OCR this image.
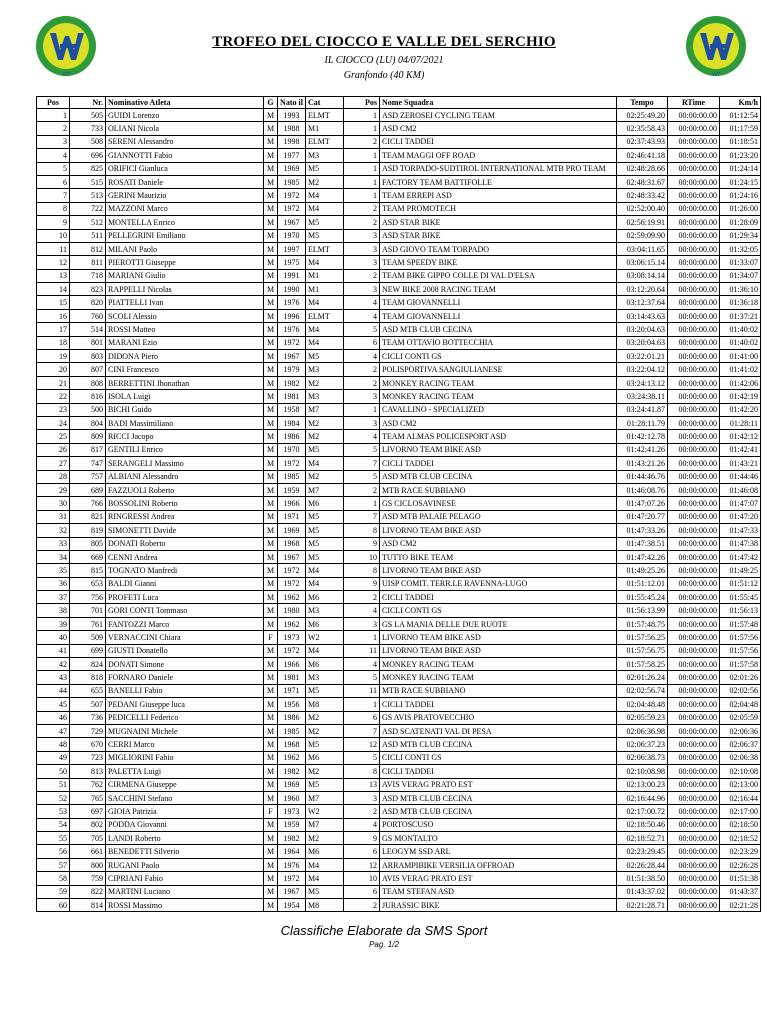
WT	WT
TROFEO DEL CIOCCO E VALLE DEL SERCHIO
IL CIOCCO (LU) 04/07/2021
Granfondo (40 KM)
Pos	Nr.	Nominativo Atleta	G	Nato il	Cat	Pos	Nome Squadra	Tempo	RTime	Km/h
1	505	GUIDI Lorenzo	M	1993	ELMT	1	ASD ZEROSEI CYCLING TEAM	02:25:49.20	00:00:00.00	01:12:54
2	733	OLIANI Nicola	M	1988	M1	1	ASD CM2	02:35:58.43	00:00:00.00	01:17:59
3	508	SERENI Alessandro	M	1998	ELMT	2	CICLI TADDEI	02:37:43.93	00:00:00.00	01:18:51
4	696	GIANNOTTI Fabio	M	1977	M3	1	TEAM MAGGI OFF ROAD	02:46:41.18	00:00:00.00	01:23:20
5	825	ORIFICI Gianluca	M	1969	M5	1	ASD TORPADO-SUDTIROL INTERNATIONAL MTB PRO TEAM	02:48:28.66	00:00:00.00	01:24:14
6	515	ROSATI Daniele	M	1985	M2	1	FACTORY TEAM BATTIFOLLE	02:48:31.67	00:00:00.00	01:24:15
7	513	GERINI Maurizio	M	1972	M4	1	TEAM ERREPI ASD	02:48:33.42	00:00:00.00	01:24:16
8	722	MAZZONI Marco	M	1972	M4	2	TEAM PROMOTECH	02:52:00.40	00:00:00.00	01:26:00
9	512	MONTELLA Enrico	M	1967	M5	2	ASD STAR BIKE	02:56:19.91	00:00:00.00	01:28:09
10	511	PELLEGRINI Emiliano	M	1970	M5	3	ASD STAR BIKE	02:59:09.90	00:00:00.00	01:29:34
11	812	MILANI Paolo	M	1997	ELMT	3	ASD GIOVO TEAM TORPADO	03:04:11.65	00:00:00.00	01:32:05
12	811	PIEROTTI Giuseppe	M	1975	M4	3	TEAM SPEEDY BIKE	03:06:15.14	00:00:00.00	01:33:07
13	718	MARIANI Giulio	M	1991	M1	2	TEAM BIKE GIPPO COLLE DI VAL D'ELSA	03:08:14.14	00:00:00.00	01:34:07
14	823	RAPPELLI Nicolas	M	1990	M1	3	NEW BIKE 2008 RACING TEAM	03:12:20.64	00:00:00.00	01:36:10
15	820	PIATTELLI Ivan	M	1976	M4	4	TEAM GIOVANNELLI	03:12:37.64	00:00:00.00	01:36:18
16	760	SCOLI Alessio	M	1996	ELMT	4	TEAM GIOVANNELLI	03:14:43.63	00:00:00.00	01:37:21
17	514	ROSSI Matteo	M	1976	M4	5	ASD MTB CLUB CECINA	03:20:04.63	00:00:00.00	01:40:02
18	801	MARANI Ezio	M	1972	M4	6	TEAM OTTAVIO BOTTECCHIA	03:20:04.63	00:00:00.00	01:40:02
19	803	DIDONA Piero	M	1967	M5	4	CICLI CONTI GS	03:22:01.21	00:00:00.00	01:41:00
20	807	CINI Francesco	M	1979	M3	2	POLISPORTIVA SANGIULIANESE	03:22:04.12	00:00:00.00	01:41:02
21	808	BERRETTINI Jhonathan	M	1982	M2	2	MONKEY RACING TEAM	03:24:13.12	00:00:00.00	01:42:06
22	816	ISOLA Luigi	M	1981	M3	3	MONKEY RACING TEAM	03:24:38.11	00:00:00.00	01:42:19
23	500	BICHI Guido	M	1958	M7	1	CAVALLINO - SPECIALIZED	03:24:41.87	00:00:00.00	01:42:20
24	804	BADI Massimiliano	M	1984	M2	3	ASD CM2	01:28:11.79	00:00:00.00	01:28:11
25	809	RICCI Jacopo	M	1986	M2	4	TEAM ALMAS POLICESPORT ASD	01:42:12.78	00:00:00.00	01:42:12
26	817	GENTILI Enrico	M	1970	M5	5	LIVORNO TEAM BIKE ASD	01:42:41.26	00:00:00.00	01:42:41
27	747	SERANGELI Massimo	M	1972	M4	7	CICLI TADDEI	01:43:21.26	00:00:00.00	01:43:21
28	757	ALBIANI Alessandro	M	1985	M2	5	ASD MTB CLUB CECINA	01:44:46.76	00:00:00.00	01:44:46
29	689	FAZZUOLI Roberto	M	1959	M7	2	MTB RACE SUBBIANO	01:46:08.76	00:00:00.00	01:46:08
30	766	BOSSOLINI Roberto	M	1966	M6	1	GS CICLOSAVINESE	01:47:07.26	00:00:00.00	01:47:07
31	821	RINGRESSI Andrea	M	1971	M5	7	ASD MTB PALAIE PELAGO	01:47:20.77	00:00:00.00	01:47:20
32	819	SIMONETTI Davide	M	1969	M5	8	LIVORNO TEAM BIKE ASD	01:47:33.26	00:00:00.00	01:47:33
33	805	DONATI Roberto	M	1968	M5	9	ASD CM2	01:47:38.51	00:00:00.00	01:47:38
34	669	CENNI Andrea	M	1967	M5	10	TUTTO BIKE TEAM	01:47:42.26	00:00:00.00	01:47:42
35	815	TOGNATO Manfredi	M	1972	M4	8	LIVORNO TEAM BIKE ASD	01:49:25.26	00:00:00.00	01:49:25
36	653	BALDI Gianni	M	1972	M4	9	UISP COMIT. TERR.LE RAVENNA-LUGO	01:51:12.01	00:00:00.00	01:51:12
37	756	PROFETI Luca	M	1962	M6	2	CICLI TADDEI	01:55:45.24	00:00:00.00	01:55:45
38	701	GORI CONTI Tommaso	M	1980	M3	4	CICLI CONTI GS	01:56:13.99	00:00:00.00	01:56:13
39	761	FANTOZZI Marco	M	1962	M6	3	GS LA MANIA DELLE DUE RUOTE	01:57:48.75	00:00:00.00	01:57:48
40	509	VERNACCINI Chiara	F	1973	W2	1	LIVORNO TEAM BIKE ASD	01:57:56.25	00:00:00.00	01:57:56
41	699	GIUSTI Donatello	M	1972	M4	11	LIVORNO TEAM BIKE ASD	01:57:56.75	00:00:00.00	01:57:56
42	824	DONATI Simone	M	1966	M6	4	MONKEY RACING TEAM	01:57:58.25	00:00:00.00	01:57:58
43	818	FORNARO Daniele	M	1981	M3	5	MONKEY RACING TEAM	02:01:26.24	00:00:00.00	02:01:26
44	655	BANELLI Fabio	M	1971	M5	11	MTB RACE SUBBIANO	02:02:56.74	00:00:00.00	02:02:56
45	507	PEDANI Giuseppe luca	M	1956	M8	1	CICLI TADDEI	02:04:48.48	00:00:00.00	02:04:48
46	736	PEDICELLI Federico	M	1986	M2	6	GS AVIS PRATOVECCHIO	02:05:59.23	00:00:00.00	02:05:59
47	729	MUGNAINI Michele	M	1985	M2	7	ASD SCATENATI VAL DI PESA	02:06:36.98	00:00:00.00	02:06:36
48	670	CERRI Marco	M	1968	M5	12	ASD MTB CLUB CECINA	02:06:37.23	00:00:00.00	02:06:37
49	723	MIGLIORINI Fabio	M	1962	M6	5	CICLI CONTI GS	02:06:38.73	00:00:00.00	02:06:38
50	813	PALETTA Luigi	M	1982	M2	8	CICLI TADDEI	02:10:08.98	00:00:00.00	02:10:08
51	762	CIRMENA Giuseppe	M	1969	M5	13	AVIS VERAG PRATO EST	02:13:00.23	00:00:00.00	02:13:00
52	765	SACCHINI Stefano	M	1960	M7	3	ASD MTB CLUB CECINA	02:16:44.96	00:00:00.00	02:16:44
53	697	GIOIA Patrizia	F	1973	W2	2	ASD MTB CLUB CECINA	02:17:00.72	00:00:00.00	02:17:00
54	802	PODDA Giovanni	M	1959	M7	4	PORTOSCUSO	02:18:50.46	00:00:00.00	02:18:50
55	705	LANDI Roberto	M	1982	M2	9	GS MONTALTO	02:18:52.71	00:00:00.00	02:18:52
56	661	BENEDETTI Silverio	M	1964	M6	6	LEOGYM SSD ARL	02:23:29.45	00:00:00.00	02:23:29
57	800	RUGANI Paolo	M	1976	M4	12	ARRAMPIBIKE VERSILIA OFFROAD	02:26:28.44	00:00:00.00	02:26:28
58	759	CIPRIANI Fabio	M	1972	M4	10	AVIS VERAG PRATO EST	01:51:38.50	00:00:00.00	01:51:38
59	822	MARTINI Luciano	M	1967	M5	6	TEAM STEFAN ASD	01:43:37.02	00:00:00.00	01:43:37
60	814	ROSSI Massimo	M	1954	M8	2	JURASSIC BIKE	02:21:28.71	00:00:00.00	02:21:28
Classifiche Elaborate da SMS Sport
Pag. 1/2
